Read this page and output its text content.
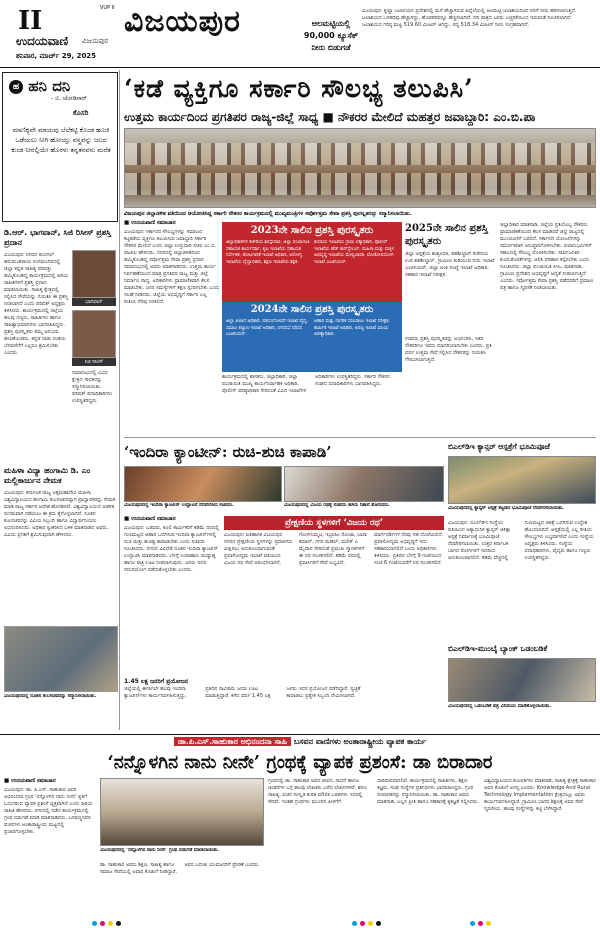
II	VUP II
ಉದಯವಾಣಿ ವಿಜಯಪುರ
ಶನಿವಾರ, ಮಾರ್ಚ್ 29, 2025
ವಿಜಯಪುರ	ಆಲಮಟ್ಟಿಯಲ್ಲಿ 90,000 ಕ್ಯೂಸೆಕ್ ನೀರು ಬಿಡುಗಡೆ
ವಿಜಯಪುರ: ಕೃಷ್ಣಾ ಜಲಾನಯನ ಪ್ರದೇಶದಲ್ಲಿ ಮಳೆ ಹೆಚ್ಚಾಗಿರುವ ಹಿನ್ನೆಲೆಯಲ್ಲಿ ಆಲಮಟ್ಟಿ ಜಲಾಶಯದಿಂದ ನದಿಗೆ ನೀರು ಹರಿಸಲಾಗುತ್ತಿದೆ. ಜಲಾಶಯದ ಒಳಹರಿವು ಹೆಚ್ಚಾಗಿದ್ದು, ಹೊರಹರಿವನ್ನೂ ಹೆಚ್ಚಿಸಲಾಗಿದೆ. ನದಿ ಪಾತ್ರದ ಜನರು ಎಚ್ಚರಿಕೆಯಿಂದ ಇರುವಂತೆ ಸೂಚಿಸಲಾಗಿದೆ. ಜಲಾಶಯದ ಗರಿಷ್ಠ ಮಟ್ಟ 519.60 ಮೀಟರ್ ಆಗಿದ್ದು, ಸದ್ಯ 518.34 ಮೀಟರ್ ನೀರು ಸಂಗ್ರಹವಾಗಿದೆ.
ಹ ಹನಿ ದನಿ
- ಬಿ. ಜೋಡಿಸಾರ್
ಕೊಸರಿ
ಮಾಣಿಕ್ಯವೇ ಮಾಯವು ಬೆಲೆಕಟ್ಟಿ ಕೊಂಡ ಹೂಜಿ ಒಡೆಯಲು ನೀಗಿ ಹೋಯ್ತು ವಸ್ತ್ರವನ್ನು ಜಲದ ಕುಂಡ ನೀರಲ್ಲಿಯೇ ಹೊರಳು ತನ್ನತನವನು ಮರೆತ
ಡಿ.ಆರ್. ಭಾಗವಾನ್‌, ಸಿಜಿ ರಿಸೀಸ್ ಪ್ರಶಸ್ತಿ ಪ್ರದಾನ
ವಿಜಯಪುರ: ನಗರದ ಕಂದಗಲ್ ಹನುಮಂತರಾಯ ರಂಗಮಂದಿರದಲ್ಲಿ ಜಿಲ್ಲಾ ಕನ್ನಡ ಸಾಹಿತ್ಯ ಪರಿಷತ್ತು ಹಮ್ಮಿಕೊಂಡಿದ್ದ ಕಾರ್ಯಕ್ರಮದಲ್ಲಿ ಹಿರಿಯ ಸಾಹಿತಿಗಳಿಗೆ ಪ್ರಶಸ್ತಿ ಪ್ರದಾನ ಮಾಡಲಾಯಿತು. ಸಾಹಿತ್ಯ ಕ್ಷೇತ್ರದಲ್ಲಿ ಸಲ್ಲಿಸಿದ ಸೇವೆಯನ್ನು ಗುರುತಿಸಿ ಈ ಪ್ರಶಸ್ತಿ ನೀಡಲಾಗಿದೆ ಎಂದು ಪರಿಷತ್ ಅಧ್ಯಕ್ಷರು ತಿಳಿಸಿದರು. ಕಾರ್ಯಕ್ರಮದಲ್ಲಿ ಜಿಲ್ಲೆಯ ಹಲವು ಗಣ್ಯರು, ಸಾಹಿತಿಗಳು ಹಾಗೂ ಸಾಹಿತ್ಯಾಭಿಮಾನಿಗಳು ಭಾಗವಹಿಸಿದ್ದರು. ಪ್ರಶಸ್ತಿ ಪುರಸ್ಕೃತರು ತಮ್ಮ ಅನುಭವ ಹಂಚಿಕೊಂಡರು. ಕನ್ನಡ ನಾಡು ನುಡಿಯ ಬೆಳವಣಿಗೆಗೆ ಎಲ್ಲರೂ ಶ್ರಮಿಸಬೇಕು ಎಂದರು.
ಭಾಗವಾನ್
ಸಿಜಿ ರಿಸೀಸ್
ಸಮಾರಂಭದಲ್ಲಿ ವಿವಿಧ ಕ್ಷೇತ್ರದ ಸಾಧಕರನ್ನು ಸನ್ಮಾನಿಸಲಾಯಿತು. ಪರಿಷತ್ ಪದಾಧಿಕಾರಿಗಳು ಉಪಸ್ಥಿತರಿದ್ದರು.
ಮಹಿಳಾ ವಿದ್ಯಾ ಹಂಗಾಮಿ ಡಿ. ಎಂ ಮಲ್ಲಿಕಾರ್ಜುನ ನೇಮಕ
ವಿಜಯಪುರ: ಕರ್ನಾಟಕ ರಾಜ್ಯ ಅಕ್ಕಮಹಾದೇವಿ ಮಹಿಳಾ ವಿಶ್ವವಿದ್ಯಾಲಯದ ಹಂಗಾಮಿ ಕುಲಸಚಿವರನ್ನಾಗಿ ಪ್ರಾಧ್ಯಾಪಕರನ್ನು ನೇಮಕ ಮಾಡಿ ರಾಜ್ಯ ಸರ್ಕಾರ ಆದೇಶ ಹೊರಡಿಸಿದೆ. ವಿಶ್ವವಿದ್ಯಾಲಯದ ಆಡಳಿತ ಸುಗಮವಾಗಿ ನಡೆಯಲು ಈ ಕ್ರಮ ಕೈಗೊಳ್ಳಲಾಗಿದೆ. ನೂತನ ಕುಲಸಚಿವರನ್ನು ವಿವಿಯ ಸಿಬ್ಬಂದಿ ಹಾಗೂ ವಿದ್ಯಾರ್ಥಿನಿಯರು ಅಭಿನಂದಿಸಿದರು. ಅಧಿಕಾರ ಸ್ವೀಕರಿಸಿದ ಬಳಿಕ ಮಾತನಾಡಿದ ಅವರು, ವಿವಿಯ ಪ್ರಗತಿಗೆ ಶ್ರಮಿಸುವುದಾಗಿ ಹೇಳಿದರು.
ವಿಜಯಪುರದಲ್ಲಿ ನೂತನ ಕುಲಸಚಿವರನ್ನು ಸನ್ಮಾನಿಸಲಾಯಿತು.
‘ಕಡೆ ವ್ಯಕ್ತಿಗೂ ಸರ್ಕಾರಿ ಸೌಲಭ್ಯ ತಲುಪಿಸಿ’
ಉತ್ತಮ ಕಾರ್ಯದಿಂದ ಪ್ರಗತಿಪರ ರಾಜ್ಯ-ಜಿಲ್ಲೆ ಸಾಧ್ಯ ■ ನೌಕರರ ಮೇಲಿದೆ ಮಹತ್ತರ ಜವಾಬ್ದಾರಿ: ಎಂ.ಬಿ.ಪಾ
ವಿಜಯಪುರ ಜಿಲ್ಲಾಡಳಿತ ವತಿಯಿಂದ ಆಯೋಜಿಸಿದ್ದ ಸರ್ಕಾರಿ ನೌಕರರ ಕಾರ್ಯಕ್ರಮದಲ್ಲಿ ಮುಖ್ಯಮಂತ್ರಿಗಳ ಸರ್ವೋತ್ತಮ ಸೇವಾ ಪ್ರಶಸ್ತಿ ಪುರಸ್ಕೃತರನ್ನು ಸನ್ಮಾನಿಸಲಾಯಿತು.
■ ಉದಯವಾಣಿ ಸಮಾಚಾರ
ವಿಜಯಪುರ: ಸರ್ಕಾರದ ಸೌಲಭ್ಯಗಳನ್ನು ಸಮಾಜದ ಕಟ್ಟಕಡೆಯ ವ್ಯಕ್ತಿಗೂ ತಲುಪಿಸುವ ಜವಾಬ್ದಾರಿ ಸರ್ಕಾರಿ ನೌಕರರ ಮೇಲಿದೆ ಎಂದು ಜಿಲ್ಲಾ ಉಸ್ತುವಾರಿ ಸಚಿವ ಎಂ.ಬಿ. ಪಾಟೀಲ ಹೇಳಿದರು. ನಗರದಲ್ಲಿ ಜಿಲ್ಲಾಡಳಿತದಿಂದ ಹಮ್ಮಿಕೊಂಡಿದ್ದ ಸರ್ವೋತ್ತಮ ಸೇವಾ ಪ್ರಶಸ್ತಿ ಪ್ರದಾನ ಸಮಾರಂಭದಲ್ಲಿ ಅವರು ಮಾತನಾಡಿದರು. ಉತ್ತಮ ಕಾರ್ಯ ನಿರ್ವಹಣೆಯಿಂದ ಮಾತ್ರ ಪ್ರಗತಿಪರ ರಾಜ್ಯ ಮತ್ತು ಜಿಲ್ಲೆ ನಿರ್ಮಾಣ ಸಾಧ್ಯ. ಅಧಿಕಾರಿಗಳು ಪ್ರಾಮಾಣಿಕವಾಗಿ ಕೆಲಸ ಮಾಡಬೇಕು. ಜನರ ಸಮಸ್ಯೆಗಳಿಗೆ ತಕ್ಷಣ ಸ್ಪಂದಿಸಬೇಕು ಎಂದು ಸಲಹೆ ನೀಡಿದರು. ಜಿಲ್ಲೆಯ ಅಭಿವೃದ್ಧಿಗೆ ಸರ್ಕಾರ ಎಲ್ಲ ರೀತಿಯ ನೆರವು ನೀಡಲಿದೆ.
2023ನೇ ಸಾಲಿನ ಪ್ರಶಸ್ತಿ ಪುರಸ್ಕೃತರು
ಜಿಲ್ಲಾಧಿಕಾರಿಗಳ ಕಚೇರಿಯ ಶಿರಸ್ತೇದಾರ, ಜಿಲ್ಲಾ ಪಂಚಾಯಿತಿ ಸಹಾಯಕ ಕಾರ್ಯದರ್ಶಿ, ಕೃಷಿ ಇಲಾಖೆಯ ಸಹಾಯಕ ನಿರ್ದೇಶಕ, ತೋಟಗಾರಿಕೆ ಇಲಾಖೆ ಅಧಿಕಾರಿ, ಆರೋಗ್ಯ ಇಲಾಖೆಯ ವೈದ್ಯಾಧಿಕಾರಿ, ಶಿಕ್ಷಣ ಇಲಾಖೆಯ ಶಿಕ್ಷಕ.
ಕಂದಾಯ ಇಲಾಖೆಯ ಗ್ರಾಮ ಲೆಕ್ಕಾಧಿಕಾರಿ, ಪೊಲೀಸ್ ಇಲಾಖೆಯ ಹೆಡ್ ಕಾನ್‌ಸ್ಟೇಬಲ್, ಮಹಿಳಾ ಮತ್ತು ಮಕ್ಕಳ ಅಭಿವೃದ್ಧಿ ಇಲಾಖೆಯ ಮೇಲ್ವಿಚಾರಕಿ, ಲೋಕೋಪಯೋಗಿ ಇಲಾಖೆ ಎಂಜಿನಿಯರ್.
2024ನೇ ಸಾಲಿನ ಪ್ರಶಸ್ತಿ ಪುರಸ್ಕೃತರು
ಜಿಲ್ಲಾ ಖಜಾನೆ ಅಧಿಕಾರಿ, ಪಶುಸಂಗೋಪನೆ ಇಲಾಖೆ ವೈದ್ಯ, ಸಮಾಜ ಕಲ್ಯಾಣ ಇಲಾಖೆ ಅಧಿಕಾರಿ, ನಗರಸಭೆ ಪರಿಸರ ಎಂಜಿನಿಯರ್.
ಆಹಾರ ಮತ್ತು ನಾಗರಿಕ ಸರಬರಾಜು ಇಲಾಖೆ ನಿರೀಕ್ಷಕ, ಕಾರ್ಮಿಕ ಇಲಾಖೆ ಅಧಿಕಾರಿ, ಅರಣ್ಯ ಇಲಾಖೆ ವಲಯ ಅರಣ್ಯಾಧಿಕಾರಿ.
ಕಾರ್ಯಕ್ರಮದಲ್ಲಿ ಶಾಸಕರು, ಜಿಲ್ಲಾಧಿಕಾರಿ, ಜಿಲ್ಲಾ ಪಂಚಾಯಿತಿ ಮುಖ್ಯ ಕಾರ್ಯನಿರ್ವಾಹಕ ಅಧಿಕಾರಿ, ಪೊಲೀಸ್ ವರಿಷ್ಠಾಧಿಕಾರಿ ಸೇರಿದಂತೆ ವಿವಿಧ ಇಲಾಖೆಗಳ ಅಧಿಕಾರಿಗಳು ಉಪಸ್ಥಿತರಿದ್ದರು. ಸರ್ಕಾರಿ ನೌಕರರ ಸಂಘದ ಪದಾಧಿಕಾರಿಗಳು ಭಾಗವಹಿಸಿದ್ದರು.
2025ನೇ ಸಾಲಿನ ಪ್ರಶಸ್ತಿ ಪುರಸ್ಕೃತರು
ಜಿಲ್ಲಾ ಆಸ್ಪತ್ರೆಯ ಶುಶ್ರೂಷಕಿ, ತಹಶೀಲ್ದಾರ್ ಕಚೇರಿಯ ಉಪ ತಹಶೀಲ್ದಾರ್, ಗ್ರಾಮೀಣ ಕುಡಿಯುವ ನೀರು ಇಲಾಖೆ ಎಂಜಿನಿಯರ್, ಜಿಲ್ಲಾ ಅಂಕಿ ಸಂಖ್ಯೆ ಇಲಾಖೆ ಅಧಿಕಾರಿ, ಸಹಕಾರ ಇಲಾಖೆ ನಿರೀಕ್ಷಕ.
ಸಚಿವರು ಪ್ರಶಸ್ತಿ ಪುರಸ್ಕೃತರನ್ನು ಅಭಿನಂದಿಸಿ, ಇತರ ನೌಕರರಿಗೂ ಇವರು ಮಾದರಿಯಾಗಬೇಕು ಎಂದರು. ಪ್ರತಿ ವರ್ಷ ಉತ್ತಮ ಸೇವೆ ಸಲ್ಲಿಸಿದ ನೌಕರರನ್ನು ಗುರುತಿಸಿ ಗೌರವಿಸಲಾಗುತ್ತಿದೆ.
ಜಿಲ್ಲಾಧಿಕಾರಿ ಮಾತನಾಡಿ, ಜಿಲ್ಲೆಯ ಪ್ರತಿಯೊಬ್ಬ ನೌಕರರು ಪ್ರಾಮಾಣಿಕತೆಯಿಂದ ಕೆಲಸ ಮಾಡಿದರೆ ಜಿಲ್ಲೆ ರಾಜ್ಯದಲ್ಲಿ ಮುಂಚೂಣಿಗೆ ಬರಲಿದೆ. ಸರ್ಕಾರದ ಯೋಜನೆಗಳನ್ನು ಸಮರ್ಪಕವಾಗಿ ಅನುಷ್ಠಾನಗೊಳಿಸಬೇಕು. ಫಲಾನುಭವಿಗಳಿಗೆ ಸಕಾಲದಲ್ಲಿ ಸೌಲಭ್ಯ ದೊರಕಿಸಬೇಕು. ಸಾರ್ವಜನಿಕರ ಕುಂದುಕೊರತೆಗಳನ್ನು ಆಲಿಸಿ ಪರಿಹಾರ ಕಲ್ಪಿಸಬೇಕು ಎಂದು ಸೂಚಿಸಿದರು. ಜಿಲ್ಲಾ ಪಂಚಾಯಿತಿ ಸಿಇಒ ಮಾತನಾಡಿ, ಗ್ರಾಮೀಣ ಪ್ರದೇಶದ ಅಭಿವೃದ್ಧಿಗೆ ಆದ್ಯತೆ ನೀಡಲಾಗುತ್ತಿದೆ ಎಂದರು. ಸರ್ವೋತ್ತಮ ಸೇವಾ ಪ್ರಶಸ್ತಿ ಪಡೆದವರಿಗೆ ಪ್ರಮಾಣ ಪತ್ರ ಹಾಗೂ ಸ್ಮರಣಿಕೆ ನೀಡಲಾಯಿತು.
‘ಇಂದಿರಾ ಕ್ಯಾಂಟೀನ್: ರುಚಿ-ಶುಚಿ ಕಾಪಾಡಿ’
ವಿಜಯಪುರದಲ್ಲಿ ಇಂದಿರಾ ಕ್ಯಾಂಟೀನ್ ಉದ್ಘಾಟನೆ ನೆರವೇರಿಸಿದ ಸಚಿವರು.	ವಿಜಯಪುರದಲ್ಲಿ ವಿಜಯ ರಥಕ್ಕೆ ಸಚಿವರು ಹಸಿರು ನಿಶಾನೆ ತೋರಿದರು.
■ ಉದಯವಾಣಿ ಸಮಾಚಾರ
ವಿಜಯಪುರ: ಬಡವರು, ಕೂಲಿ ಕಾರ್ಮಿಕರಿಗೆ ಕಡಿಮೆ ದರದಲ್ಲಿ ಗುಣಮಟ್ಟದ ಆಹಾರ ಒದಗಿಸುವ ಇಂದಿರಾ ಕ್ಯಾಂಟೀನ್‌ಗಳಲ್ಲಿ ರುಚಿ ಮತ್ತು ಶುಚಿತ್ವ ಕಾಪಾಡಬೇಕು ಎಂದು ಸಚಿವರು ಸೂಚಿಸಿದರು. ನಗರದ ವಿವಿಧೆಡೆ ನೂತನ ಇಂದಿರಾ ಕ್ಯಾಂಟೀನ್ ಉದ್ಘಾಟಿಸಿ ಮಾತನಾಡಿದರು. ಬೆಳಗ್ಗೆ ಉಪಾಹಾರ, ಮಧ್ಯಾಹ್ನ ಹಾಗೂ ರಾತ್ರಿ ಊಟ ನೀಡಲಾಗುವುದು. ಜನರು ಇದರ ಸದುಪಯೋಗ ಪಡೆದುಕೊಳ್ಳಬೇಕು ಎಂದರು.
ಪ್ರೇಕ್ಷಣಿಯ ಸ್ಥಳಗಳಿಗೆ ‘ವಿಜಯ ರಥ’
ವಿಜಯಪುರ: ಐತಿಹಾಸಿಕ ವಿಜಯಪುರ ನಗರದ ಪ್ರೇಕ್ಷಣೀಯ ಸ್ಥಳಗಳನ್ನು ಪ್ರವಾಸಿಗರು ವೀಕ್ಷಿಸಲು ಅನುಕೂಲವಾಗುವಂತೆ ಪ್ರವಾಸೋದ್ಯಮ ಇಲಾಖೆ ವತಿಯಿಂದ ವಿಜಯ ರಥ ಸೇವೆ ಆರಂಭಿಸಲಾಗಿದೆ. ಗೋಳಗುಮ್ಮಟ, ಇಬ್ರಾಹಿಂ ರೋಜಾ, ಬಾರಾ ಕಮಾನ್, ಗಗನ ಮಹಲ್, ಮಲಿಕ್ ಎ ಮೈದಾನ ಸೇರಿದಂತೆ ಪ್ರಮುಖ ಸ್ಮಾರಕಗಳಿಗೆ ಈ ರಥ ಸಂಚರಿಸಲಿದೆ. ಕಡಿಮೆ ದರದಲ್ಲಿ ಪ್ರವಾಸಿಗರಿಗೆ ಸೇವೆ ಲಭ್ಯವಿದೆ. ಮಾರ್ಗದರ್ಶಿಗಳ ನೆರವು ಸಹ ದೊರೆಯಲಿದೆ. ಪ್ರವಾಸೋದ್ಯಮ ಅಭಿವೃದ್ಧಿಗೆ ಇದು ಸಹಕಾರಿಯಾಗಲಿದೆ ಎಂದು ಅಧಿಕಾರಿಗಳು ತಿಳಿಸಿದರು. ಪ್ರತಿದಿನ ಬೆಳಗ್ಗೆ 9 ಗಂಟೆಯಿಂದ ಸಂಜೆ 6 ಗಂಟೆಯವರೆಗೆ ರಥ ಸಂಚರಿಸಲಿದೆ.
1.45 ಲಕ್ಷ ಜನರಿಗೆ ಪ್ರಯೋಜನ
ಜಿಲ್ಲೆಯಲ್ಲಿ ಈಗಾಗಲೇ ಹಲವು ಇಂದಿರಾ ಕ್ಯಾಂಟೀನ್‌ಗಳು ಕಾರ್ಯನಿರ್ವಹಿಸುತ್ತಿದ್ದು, ಪ್ರತಿದಿನ ಸಾವಿರಾರು ಜನರು ಊಟ ಮಾಡುತ್ತಿದ್ದಾರೆ. ಕಳೆದ ವರ್ಷ 1.45 ಲಕ್ಷ ಜನರು ಇದರ ಪ್ರಯೋಜನ ಪಡೆದಿದ್ದಾರೆ. ಸ್ವಚ್ಛತೆ ಕಾಪಾಡಲು ಪ್ರತ್ಯೇಕ ಸಿಬ್ಬಂದಿ ನೇಮಿಸಲಾಗಿದೆ.
ಬಿಎಲ್‌ಡಿಇ ಕ್ಯಾನ್ಸರ್ ಆಸ್ಪತ್ರೆಗೆ ಭೂಮಿಪೂಜೆ
ವಿಜಯಪುರದಲ್ಲಿ ಕ್ಯಾನ್ಸರ್ ಆಸ್ಪತ್ರೆ ಕಟ್ಟಡದ ಭೂಮಿಪೂಜೆ ನೆರವೇರಿಸಲಾಯಿತು.
ವಿಜಯಪುರ: ಬಿಎಲ್‌ಡಿಇ ಸಂಸ್ಥೆಯ ವತಿಯಿಂದ ಅತ್ಯಾಧುನಿಕ ಕ್ಯಾನ್ಸರ್ ಚಿಕಿತ್ಸಾ ಆಸ್ಪತ್ರೆ ನಿರ್ಮಾಣಕ್ಕೆ ಭೂಮಿಪೂಜೆ ನೆರವೇರಿಸಲಾಯಿತು. ಉತ್ತರ ಕರ್ನಾಟಕ ಭಾಗದ ರೋಗಿಗಳಿಗೆ ಇದರಿಂದ ಅನುಕೂಲವಾಗಲಿದೆ. ಕಡಿಮೆ ವೆಚ್ಚದಲ್ಲಿ ಗುಣಮಟ್ಟದ ಚಿಕಿತ್ಸೆ ಒದಗಿಸುವ ಉದ್ದೇಶ ಹೊಂದಲಾಗಿದೆ. ಆಸ್ಪತ್ರೆಯಲ್ಲಿ ಎಲ್ಲ ರೀತಿಯ ಸೌಲಭ್ಯಗಳು ಲಭ್ಯವಾಗಲಿವೆ ಎಂದು ಸಂಸ್ಥೆಯ ಅಧ್ಯಕ್ಷರು ತಿಳಿಸಿದರು. ಸಂಸ್ಥೆಯ ಪದಾಧಿಕಾರಿಗಳು, ವೈದ್ಯರು ಹಾಗೂ ಗಣ್ಯರು ಉಪಸ್ಥಿತರಿದ್ದರು.
ಬಿಎಲ್‌ಡಿಇ-ಮುಂಬೈ ಬ್ಯಾಂಕ್ ಒಡಂಬಡಿಕೆ
ವಿಜಯಪುರದಲ್ಲಿ ಒಡಂಬಡಿಕೆ ಪತ್ರ ವಿನಿಮಯ ಮಾಡಿಕೊಳ್ಳಲಾಯಿತು.
ಡಾ.ಪಿ.ಎಸ್‌.ಸಾಹುಕಾರ ಅಭಿನಂದನಾ ಸಾಹಿ ಬಸವನ ವಾಣಿಗಳು ಅಂತಾರಾಷ್ಟ್ರೀಯ ವ್ಯಾಪಕ ಕಾರ್ಯ
‘ನನ್ನೊಳಗಿನ ನಾನು ನೀನೇ’ ಗ್ರಂಥಕ್ಕೆ ವ್ಯಾಪಕ ಪ್ರಶಂಸೆ: ಡಾ ಬಿರಾದಾರ
■ ಉದಯವಾಣಿ ಸಮಾಚಾರ
ವಿಜಯಪುರ: ಡಾ. ಪಿ.ಎಸ್. ಸಾಹುಕಾರ ಅವರ ಅಭಿನಂದನಾ ಗ್ರಂಥ ‘ನನ್ನೊಳಗಿನ ನಾನು ನೀನೇ’ ಕೃತಿಗೆ ಓದುಗರಿಂದ ವ್ಯಾಪಕ ಪ್ರಶಂಸೆ ವ್ಯಕ್ತವಾಗಿದೆ ಎಂದು ಹಿರಿಯ ಸಾಹಿತಿ ಹೇಳಿದರು. ನಗರದಲ್ಲಿ ನಡೆದ ಕಾರ್ಯಕ್ರಮದಲ್ಲಿ ಗ್ರಂಥ ಬಿಡುಗಡೆ ಮಾಡಿ ಮಾತನಾಡಿದರು. ಬಸವಣ್ಣನವರ ವಚನಗಳು ಅಂತಾರಾಷ್ಟ್ರೀಯ ಮಟ್ಟದಲ್ಲಿ ಪ್ರಚಾರಗೊಳ್ಳಬೇಕು.
ವಿಜಯಪುರದಲ್ಲಿ ‘ನನ್ನೊಳಗಿನ ನಾನು ನೀನೇ’ ಗ್ರಂಥ ಬಿಡುಗಡೆ ಮಾಡಲಾಯಿತು.
ಡಾ. ಸಾಹುಕಾರ ಅವರು ಶಿಕ್ಷಣ, ಸಾಹಿತ್ಯ ಹಾಗೂ ಸಮಾಜ ಸೇವೆಯಲ್ಲಿ ಅಪಾರ ಕೊಡುಗೆ ನೀಡಿದ್ದಾರೆ. ಅವರ ಬದುಕು ಯುವಜನರಿಗೆ ಪ್ರೇರಣೆ ಎಂದರು.
ಗ್ರಂಥದಲ್ಲಿ ಡಾ. ಸಾಹುಕಾರ ಅವರ ಜೀವನ, ಸಾಧನೆ ಹಾಗೂ ಚಿಂತನೆಗಳ ಬಗ್ಗೆ ಹಲವು ಲೇಖಕರು ಬರೆದ ಲೇಖನಗಳಿವೆ. ಶರಣ ಸಾಹಿತ್ಯ, ವಚನ ಸಂಸ್ಕೃತಿ ಕುರಿತ ಮೌಲಿಕ ಬರಹಗಳು ಇದರಲ್ಲಿ ಸೇರಿವೆ. ಇಂತಹ ಗ್ರಂಥಗಳು ಮುಂದಿನ ಪೀಳಿಗೆಗೆ ದಾರಿದೀಪವಾಗಲಿವೆ. ಕಾರ್ಯಕ್ರಮದಲ್ಲಿ ಸಾಹಿತಿಗಳು, ಶಿಕ್ಷಣ ತಜ್ಞರು, ಸಂಘ ಸಂಸ್ಥೆಗಳ ಪ್ರತಿನಿಧಿಗಳು ಭಾಗವಹಿಸಿದ್ದರು. ಗ್ರಂಥ ಸಂಪಾದಕರನ್ನು ಸನ್ಮಾನಿಸಲಾಯಿತು. ಡಾ. ಸಾಹುಕಾರ ಅವರು ಮಾತನಾಡಿ, ಎಲ್ಲರ ಪ್ರೀತಿ ಹಾಗೂ ಸಹಕಾರಕ್ಕೆ ಕೃತಜ್ಞತೆ ಸಲ್ಲಿಸಿದರು.
ವಿಶ್ವವಿದ್ಯಾಲಯದ ಕುಲಪತಿಗಳು ಮಾತನಾಡಿ, ಸಾಹಿತ್ಯ ಕ್ಷೇತ್ರಕ್ಕೆ ಸಾಹುಕಾರ ಅವರ ಕೊಡುಗೆ ಅನನ್ಯ ಎಂದರು. Knowledge And Rural Technology Implementation ಕ್ಷೇತ್ರದಲ್ಲೂ ಅವರು ಕಾರ್ಯನಿರ್ವಹಿಸಿದ್ದಾರೆ. ಗ್ರಾಮೀಣ ಭಾಗದ ಶಿಕ್ಷಣಕ್ಕೆ ಅವರ ಸೇವೆ ಸ್ಮರಣೀಯ. ಹಲವು ಸಂಸ್ಥೆಗಳನ್ನು ಕಟ್ಟಿ ಬೆಳೆಸಿದ್ದಾರೆ.
